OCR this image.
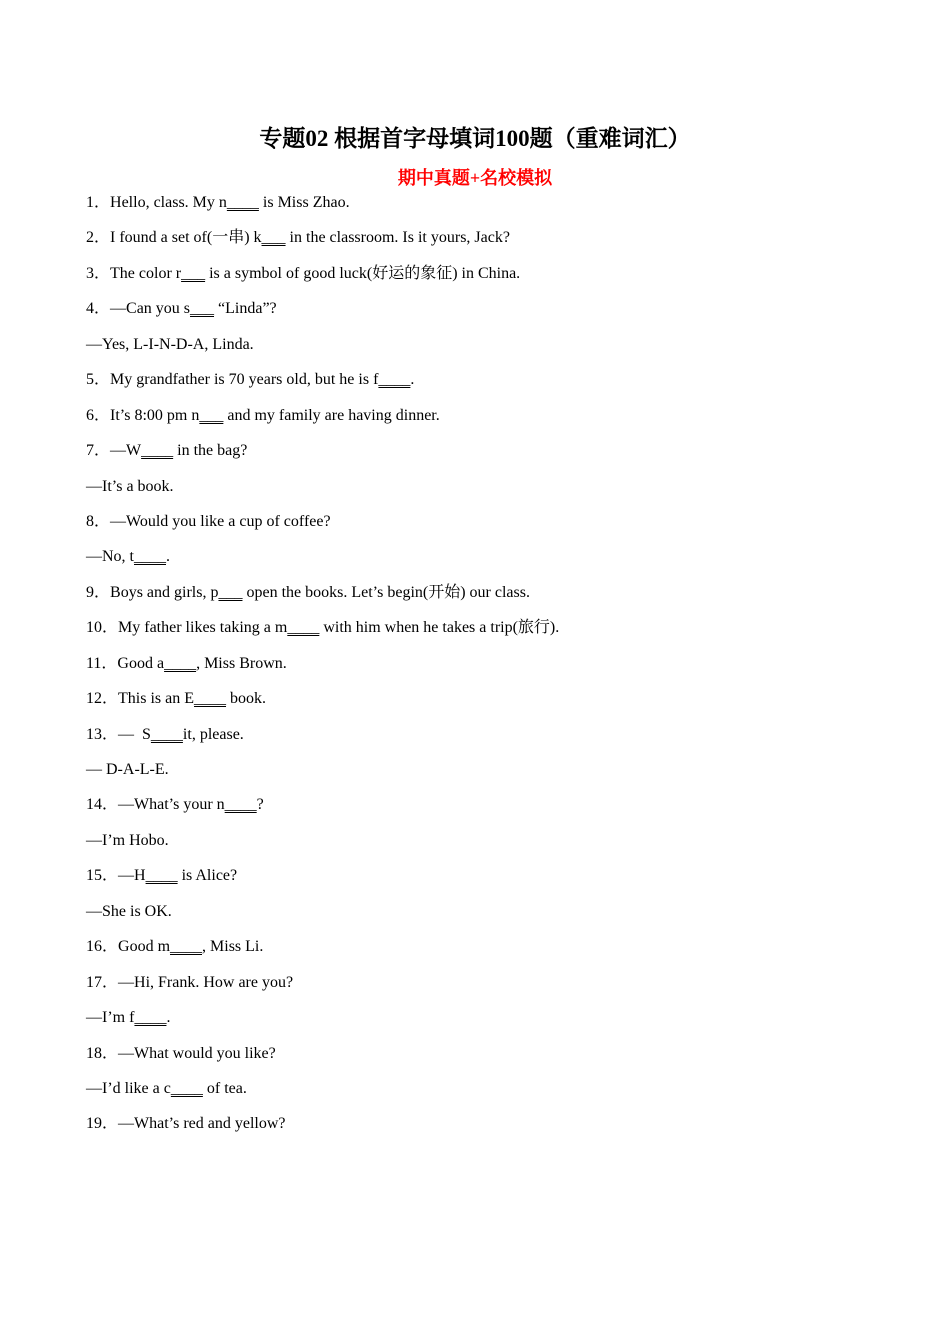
专题02 根据首字母填词100题（重难词汇）
期中真题+名校模拟
1．Hello, class. My n____ is Miss Zhao.
2．I found a set of(一串) k___ in the classroom. Is it yours, Jack?
3．The color r___ is a symbol of good luck(好运的象征) in China.
4．—Can you s___ “Linda”?
—Yes, L-I-N-D-A, Linda.
5．My grandfather is 70 years old, but he is f____.
6．It’s 8:00 pm n___ and my family are having dinner.
7．—W____ in the bag?
—It’s a book.
8．—Would you like a cup of coffee?
—No, t____.
9．Boys and girls, p___ open the books. Let’s begin(开始) our class.
10．My father likes taking a m____ with him when he takes a trip(旅行).
11．Good a____, Miss Brown.
12．This is an E____ book.
13．—  S____it, please.
— D-A-L-E.
14．—What’s your n____?
—I’m Hobo.
15．—H____ is Alice?
—She is OK.
16．Good m____, Miss Li.
17．—Hi, Frank. How are you?
—I’m f____.
18．—What would you like?
—I’d like a c____ of tea.
19．—What’s red and yellow?
